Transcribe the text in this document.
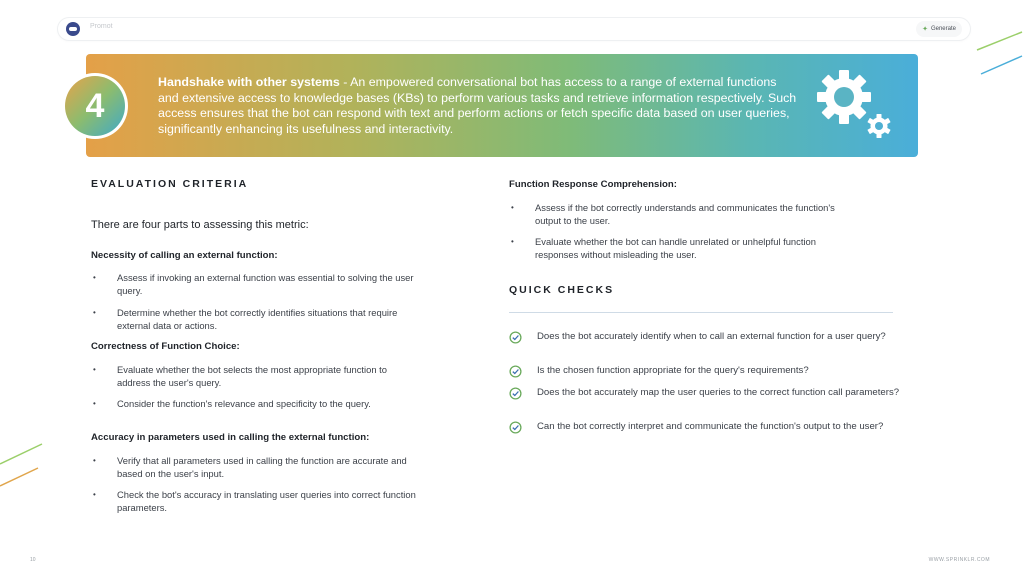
Promot	✦ Generate
4
Handshake with other systems - An empowered conversational bot has access to a range of external functions and extensive access to knowledge bases (KBs) to perform various tasks and retrieve information respectively. Such access ensures that the bot can respond with text and perform actions or fetch specific data based on user queries, significantly enhancing its usefulness and interactivity.
EVALUATION CRITERIA
There are four parts to assessing this metric:
Necessity of calling an external function:
• Assess if invoking an external function was essential to solving the user query.
• Determine whether the bot correctly identifies situations that require external data or actions.
Correctness of Function Choice:
• Evaluate whether the bot selects the most appropriate function to address the user's query.
• Consider the function's relevance and specificity to the query.
Accuracy in parameters used in calling the external function:
• Verify that all parameters used in calling the function are accurate and based on the user's input.
• Check the bot's accuracy in translating user queries into correct function parameters.
Function Response Comprehension:
• Assess if the bot correctly understands and communicates the function's output to the user.
• Evaluate whether the bot can handle unrelated or unhelpful function responses without misleading the user.
QUICK CHECKS
Does the bot accurately identify when to call an external function for a user query?
Is the chosen function appropriate for the query's requirements?
Does the bot accurately map the user queries to the correct function call parameters?
Can the bot correctly interpret and communicate the function's output to the user?
10	WWW.SPRINKLR.COM
